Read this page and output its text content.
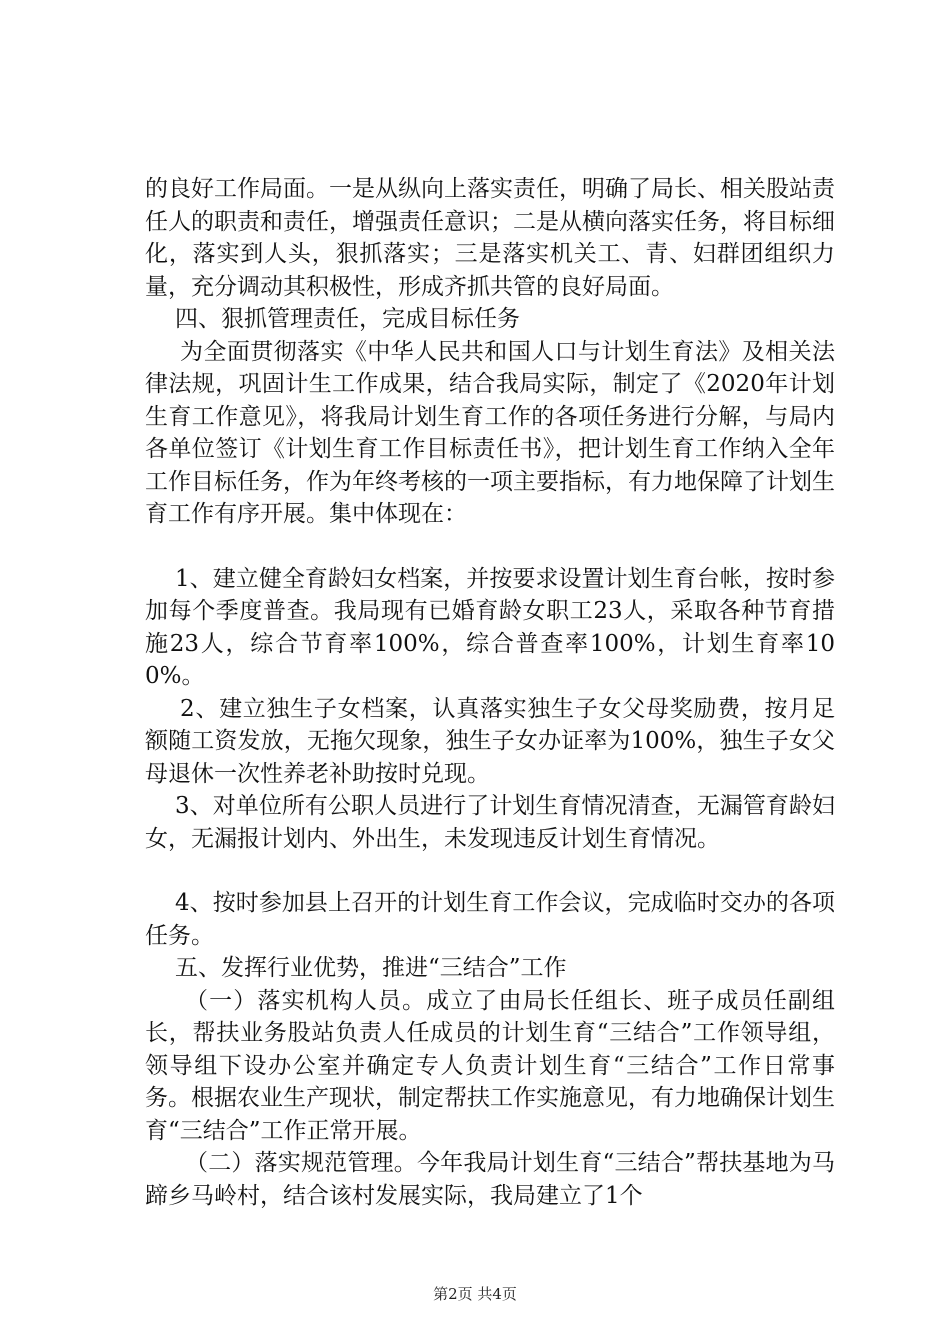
的良好工作局面。一是从纵向上落实责任，明确了局长、相关股站责任人的职责和责任，增强责任意识；二是从横向落实任务，将目标细化，落实到人头，狠抓落实；三是落实机关工、青、妇群团组织力量，充分调动其积极性，形成齐抓共管的良好局面。

四、狠抓管理责任，完成目标任务

为全面贯彻落实《中华人民共和国人口与计划生育法》及相关法律法规，巩固计生工作成果，结合我局实际，制定了《2020年计划生育工作意见》，将我局计划生育工作的各项任务进行分解，与局内各单位签订《计划生育工作目标责任书》，把计划生育工作纳入全年工作目标任务，作为年终考核的一项主要指标，有力地保障了计划生育工作有序开展。集中体现在：

1、建立健全育龄妇女档案，并按要求设置计划生育台帐，按时参加每个季度普查。我局现有已婚育龄女职工23人，采取各种节育措施23人，综合节育率100%，综合普查率100%，计划生育率100%。

2、建立独生子女档案，认真落实独生子女父母奖励费，按月足额随工资发放，无拖欠现象，独生子女办证率为100%，独生子女父母退休一次性养老补助按时兑现。

3、对单位所有公职人员进行了计划生育情况清查，无漏管育龄妇女，无漏报计划内、外出生，未发现违反计划生育情况。

4、按时参加县上召开的计划生育工作会议，完成临时交办的各项任务。

五、发挥行业优势，推进“三结合”工作

（一）落实机构人员。成立了由局长任组长、班子成员任副组长，帮扶业务股站负责人任成员的计划生育“三结合”工作领导组，领导组下设办公室并确定专人负责计划生育“三结合”工作日常事务。根据农业生产现状，制定帮扶工作实施意见，有力地确保计划生育“三结合”工作正常开展。

（二）落实规范管理。今年我局计划生育“三结合”帮扶基地为马蹄乡马岭村，结合该村发展实际，我局建立了1个

第2页 共4页
